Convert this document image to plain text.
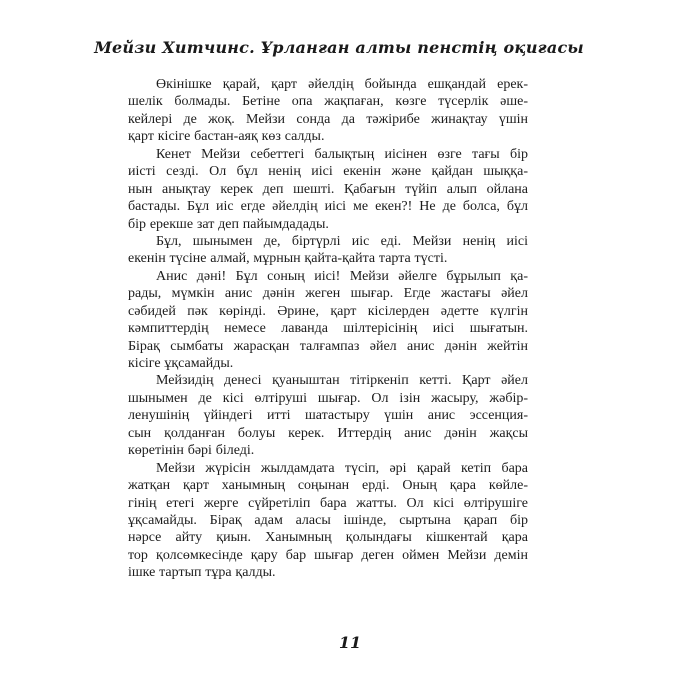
Мейзи Хитчинс. Ұрланған алты пенстің оқиғасы
Өкінішке қарай, қарт әйелдің бойында ешқандай ерек-
шелік болмады. Бетіне опа жақпаған, көзге түсерлік әше-
кейлері де жоқ. Мейзи сонда да тәжірибе жинақтау үшін
қарт кісіге бастан-аяқ көз салды.
Кенет Мейзи себеттегі балықтың иісінен өзге тағы бір
иісті сезді. Ол бұл ненің иісі екенін және қайдан шыққа-
нын анықтау керек деп шешті. Қабағын түйіп алып ойлана
бастады. Бұл иіс егде әйелдің иісі ме екен?! Не де болса, бұл
бір ерекше зат деп пайымдадады.
Бұл, шынымен де, біртүрлі иіс еді. Мейзи ненің иісі
екенін түсіне алмай, мұрнын қайта-қайта тарта түсті.
Анис дәні! Бұл соның иісі! Мейзи әйелге бұрылып қа-
рады, мүмкін анис дәнін жеген шығар. Егде жастағы әйел
сәбидей пәк көрінді. Әрине, қарт кісілерден әдетте күлгін
кәмпиттердің немесе лаванда шілтерісінің иісі шығатын.
Бірақ сымбаты жарасқан талғампаз әйел анис дәнін жейтін
кісіге ұқсамайды.
Мейзидің денесі қуаныштан тітіркеніп кетті. Қарт әйел
шынымен де кісі өлтіруші шығар. Ол ізін жасыру, жәбір-
ленушінің үйіндегі итті шатастыру үшін анис эссенция-
сын қолданған болуы керек. Иттердің анис дәнін жақсы
көретінін бәрі біледі.
Мейзи жүрісін жылдамдата түсіп, әрі қарай кетіп бара
жатқан қарт ханымның соңынан ерді. Оның қара көйле-
гінің етегі жерге сүйретіліп бара жатты. Ол кісі өлтірушіге
ұқсамайды. Бірақ адам аласы ішінде, сыртына қарап бір
нәрсе айту қиын. Ханымның қолындағы кішкентай қара
тор қолсөмкесінде қару бар шығар деген оймен Мейзи демін
ішке тартып тұра қалды.
11
